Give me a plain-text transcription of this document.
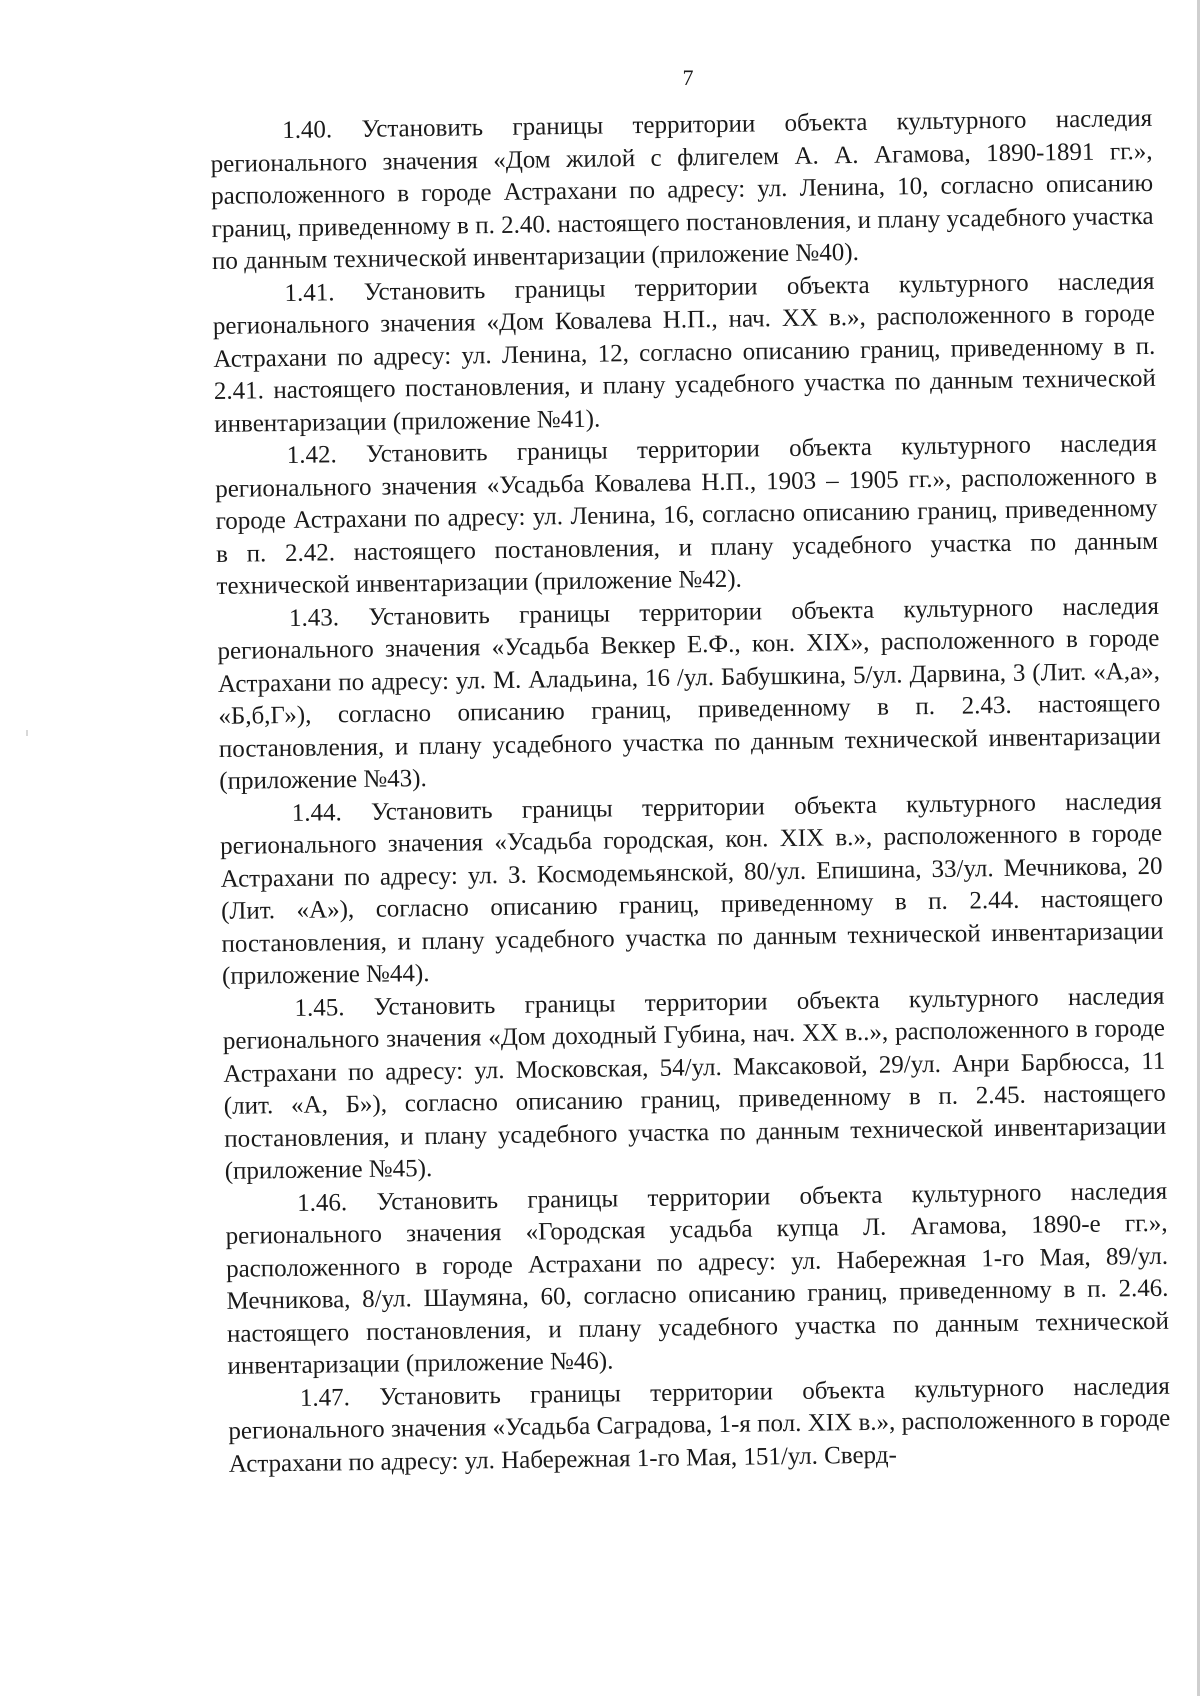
7

1.40. Установить границы территории объекта культурного наследия регионального значения «Дом жилой с флигелем А. А. Агамова, 1890-1891 гг.», расположенного в городе Астрахани по адресу: ул. Ленина, 10, согласно описанию границ, приведенному в п. 2.40. настоящего постановления, и плану усадебного участка по данным технической инвентаризации (приложение №40).

1.41. Установить границы территории объекта культурного наследия регионального значения «Дом Ковалева Н.П., нач. XX в.», расположенного в городе Астрахани по адресу: ул. Ленина, 12, согласно описанию границ, приведенному в п. 2.41. настоящего постановления, и плану усадебного участка по данным технической инвентаризации (приложение №41).

1.42. Установить границы территории объекта культурного наследия регионального значения «Усадьба Ковалева Н.П., 1903 – 1905 гг.», расположенного в городе Астрахани по адресу: ул. Ленина, 16, согласно описанию границ, приведенному в п. 2.42. настоящего постановления, и плану усадебного участка по данным технической инвентаризации (приложение №42).

1.43. Установить границы территории объекта культурного наследия регионального значения «Усадьба Веккер Е.Ф., кон. XIX», расположенного в городе Астрахани по адресу: ул. М. Аладьина, 16 /ул. Бабушкина, 5/ул. Дарвина, 3 (Лит. «А,а», «Б,б,Г»), согласно описанию границ, приведенному в п. 2.43. настоящего постановления, и плану усадебного участка по данным технической инвентаризации (приложение №43).

1.44. Установить границы территории объекта культурного наследия регионального значения «Усадьба городская, кон. XIX в.», расположенного в городе Астрахани по адресу: ул. З. Космодемьянской, 80/ул. Епишина, 33/ул. Мечникова, 20 (Лит. «А»), согласно описанию границ, приведенному в п. 2.44. настоящего постановления, и плану усадебного участка по данным технической инвентаризации (приложение №44).

1.45. Установить границы территории объекта культурного наследия регионального значения «Дом доходный Губина, нач. XX в..», расположенного в городе Астрахани по адресу: ул. Московская, 54/ул. Максаковой, 29/ул. Анри Барбюсса, 11 (лит. «А, Б»), согласно описанию границ, приведенному в п. 2.45. настоящего постановления, и плану усадебного участка по данным технической инвентаризации (приложение №45).

1.46. Установить границы территории объекта культурного наследия регионального значения «Городская усадьба купца Л. Агамова, 1890-е гг.», расположенного в городе Астрахани по адресу: ул. Набережная 1-го Мая, 89/ул. Мечникова, 8/ул. Шаумяна, 60, согласно описанию границ, приведенному в п. 2.46. настоящего постановления, и плану усадебного участка по данным технической инвентаризации (приложение №46).

1.47. Установить границы территории объекта культурного наследия регионального значения «Усадьба Саградова, 1-я пол. XIX в.», расположенного в городе Астрахани по адресу: ул. Набережная 1-го Мая, 151/ул. Сверд-
